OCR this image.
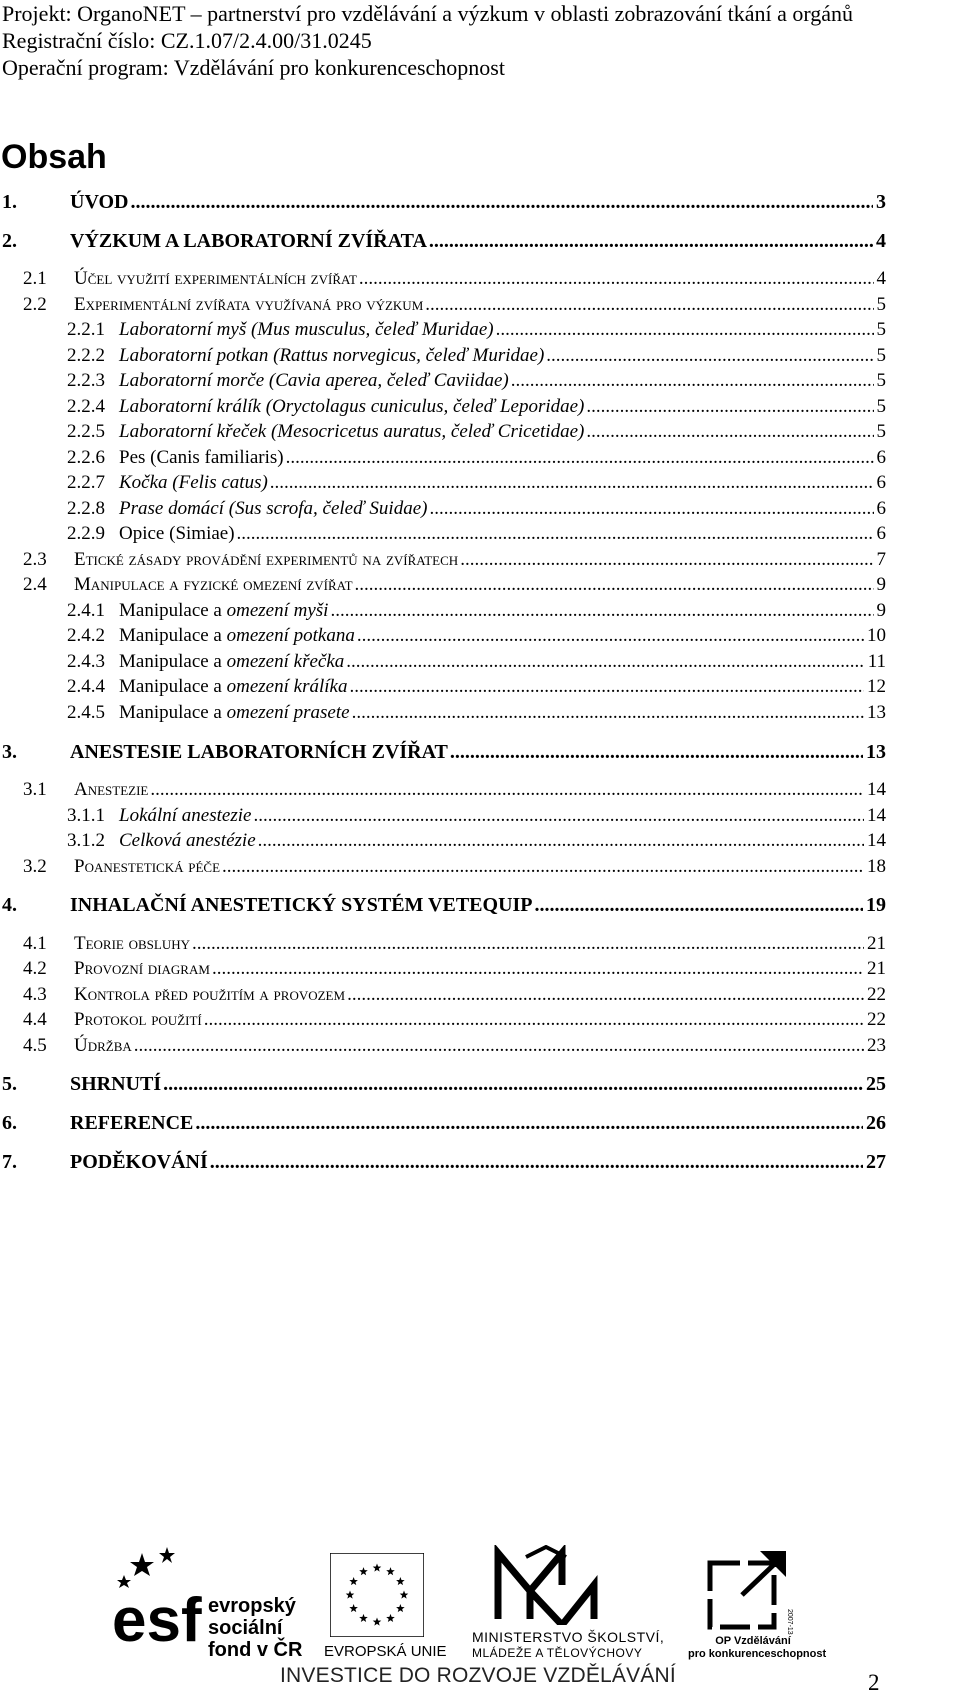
Projekt: OrganoNET – partnerství pro vzdělávání a výzkum v oblasti zobrazování tkání a orgánů
Registrační číslo: CZ.1.07/2.4.00/31.0245
Operační program: Vzdělávání pro konkurenceschopnost
Obsah
1.	ÚVOD .....	3
2.	VÝZKUM A LABORATORNÍ ZVÍŘATA .....	4
2.1	Účel využití experimentálních zvířat .....	4
2.2	Experimentální zvířata využívaná pro výzkum .....	5
2.2.1 Laboratorní myš (Mus musculus, čeleď Muridae) .....	5
2.2.2 Laboratorní potkan (Rattus norvegicus, čeleď Muridae) .....	5
2.2.3 Laboratorní morče (Cavia aperea, čeleď Caviidae) .....	5
2.2.4 Laboratorní králík (Oryctolagus cuniculus, čeleď Leporidae) .....	5
2.2.5 Laboratorní křeček (Mesocricetus auratus, čeleď Cricetidae) .....	5
2.2.6 Pes (Canis familiaris) .....	6
2.2.7 Kočka (Felis catus) .....	6
2.2.8 Prase domácí (Sus scrofa, čeleď Suidae) .....	6
2.2.9 Opice (Simiae) .....	6
2.3	Etické zásady provádění experimentů na zvířatech .....	7
2.4	Manipulace a fyzické omezení zvířat .....	9
2.4.1 Manipulace a omezení myši .....	9
2.4.2 Manipulace a omezení potkana .....	10
2.4.3 Manipulace a omezení křečka .....	11
2.4.4 Manipulace a omezení králíka .....	12
2.4.5 Manipulace a omezení prasete .....	13
3.	ANESTESIE LABORATORNÍCH ZVÍŘAT .....	13
3.1	Anestezie .....	14
3.1.1 Lokální anestezie .....	14
3.1.2 Celková anestézie .....	14
3.2	Poanestetická péče .....	18
4.	INHALAČNÍ ANESTETICKÝ SYSTÉM VETEQUIP .....	19
4.1	Teorie obsluhy .....	21
4.2	Provozní diagram .....	21
4.3	Kontrola před použitím a provozem .....	22
4.4	Protokol použití .....	22
4.5	Údržba .....	23
5.	SHRNUTÍ .....	25
6.	REFERENCE .....	26
7.	PODĚKOVÁNÍ .....	27
esf evropský
sociální
fond v ČR EVROPSKÁ UNIE
MINISTERSTVO ŠKOLSTVÍ,
MLÁDEŽE A TĚLOVÝCHOVY
2007-13
OP Vzdělávání
pro konkurenceschopnost
INVESTICE DO ROZVOJE VZDĚLÁVÁNÍ	2
